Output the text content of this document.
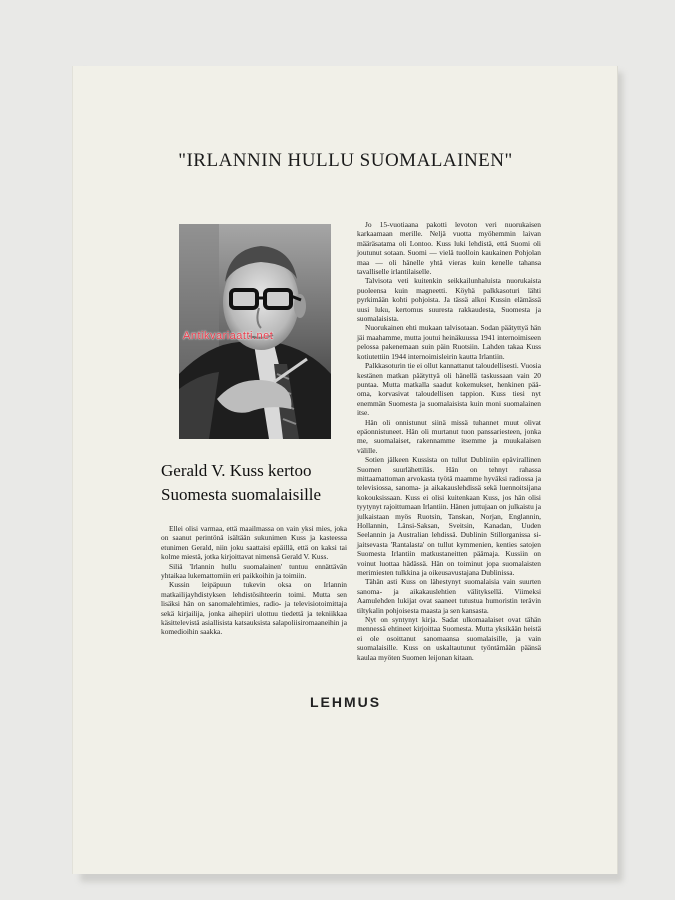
"IRLANNIN HULLU SUOMALAINEN"
Gerald V. Kuss kertoo
Suomesta suomalaisille

Ellei olisi varmaa, että maailmassa on vain yksi mies, joka on saanut perintönä isältään sukunimen Kuss ja kasteessa etunimen Gerald, niin joku saattaisi epäillä, että on kaksi tai kolme miestä, jotka kirjoittavat nimensä Gerald V. Kuss.

Siliä 'Irlannin hullu suomalainen' tuntuu ennättävän yhtaikaa lukemattomiin eri paikkoihin ja toimiin.

Kussin leipäpuun tukevin oksa on Irlannin matkailijayhdistyksen lehdistösihteerin toimi. Mutta sen lisäksi hän on sanomalehtimies, radio- ja televisiotoimittaja sekä kirjailija, jonka aihepiiri ulottuu tiedettä ja tekniikkaa käsittelevistä asiallisista katsauksista salapoliisiromaaneihin ja komedioihin saakka.

Jo 15-vuotiaana pakotti levoton veri nuorukaisen karkaamaan merille. Neljä vuotta myöhemmin laivan määräsatama oli Lontoo. Kuss luki lehdistä, että Suomi oli joutunut sotaan. Suomi — vielä tuolloin kaukainen Pohjolan maa — oli hänelle yhtä vieras kuin kenelle tahansa tavalliselle irlantilaiselle.

Talvisota veti kuitenkin seikkailunhaluista nuorukaista puoleensa kuin magneetti. Köyhä palkkasoturi lähti pyrkimään kohti pohjoista. Ja tässä alkoi Kussin elämässä uusi luku, kertomus suuresta rakkaudesta, Suomesta ja suomalaisista.

Nuorukainen ehti mukaan talvisotaan. Sodan päätyttyä hän jäi maahamme, mutta joutui heinäkuussa 1941 internoimiseen pelossa pakenemaan suin päin Ruotsiin. Lahden takaa Kuss kotiutettiin 1944 internoimisleirin kautta Irlantiin.

Palkkasoturin tie ei ollut kannattanut taloudellisesti. Vuosia kestänen matkan päätyttyä oli hänellä taskussaan vain 20 puntaa. Mutta matkalla saadut kokemukset, henkinen pääoma, korvasivat taloudellisen tappion. Kuss tiesi nyt enemmän Suomesta ja suomalaisista kuin moni suomalainen itse.

Hän oli onnistunut siinä missä tuhannet muut olivat epäonnistuneet. Hän oli murtanut tuon panssariesteen, jonka me, suomalaiset, rakennamme itsemme ja muukalaisen välille.

Sotien jälkeen Kussista on tullut Dubliniin epävirallinen Suomen suurlähettiläs. Hän on tehnyt rahassa mittaamattoman arvokasta työtä maamme hyväksi radiossa ja televisiossa, sanoma- ja aikakauslehdissä sekä luennoitsijana kokouksissaan. Kuss ei olisi kuitenkaan Kuss, jos hän olisi tyytynyt rajoittumaan Irlantiin. Hänen juttujaan on julkaistu ja julkaistaan myös Ruotsin, Tanskan, Norjan, Englannin, Hollannin, Länsi-Saksan, Sveitsin, Kanadan, Uuden Seelannin ja Australian lehdissä. Dublinin Stillorganissa sijaitsevasta 'Rantalasta' on tullut kymmenien, kenties satojen Suomesta Irlantiin matkustaneitten päämaja. Kussiin on voinut luottaa hädässä. Hän on toiminut jopa suomalaisten merimiesten tulkkina ja oikeusavustajana Dublinissa.

Tähän asti Kuss on lähestynyt suomalaisia vain suurten sanoma- ja aikakauslehtien välityksellä. Viimeksi Aamulehden lukijat ovat saaneet tutustua humoristin terävin tiltykalin pohjoisesta maasta ja sen kansasta.

Nyt on syntynyt kirja. Sadat ulkomaalaiset ovat tähän mennessä ehtineet kirjoittaa Suomesta. Mutta yksikään heistä ei ole osoittanut sanomaansa suomalaisille, ja vain suomalaisille. Kuss on uskaltautunut työntämään päänsä kaulaa myöten Suomen leijonan kitaan.

LEHMUS
Antikvariaatti.net
